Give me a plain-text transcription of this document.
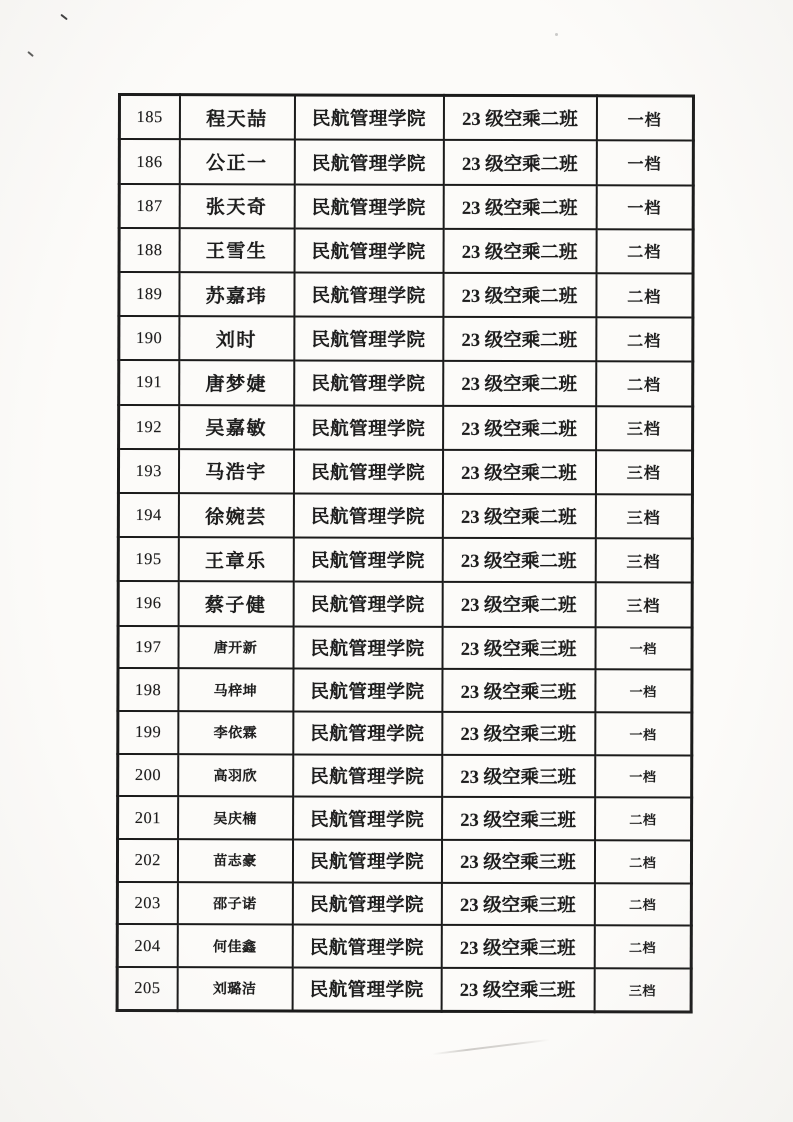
185	程天喆	民航管理学院	23 级空乘二班	一档
186	公正一	民航管理学院	23 级空乘二班	一档
187	张天奇	民航管理学院	23 级空乘二班	一档
188	王雪生	民航管理学院	23 级空乘二班	二档
189	苏嘉玮	民航管理学院	23 级空乘二班	二档
190	刘时	民航管理学院	23 级空乘二班	二档
191	唐梦婕	民航管理学院	23 级空乘二班	二档
192	吴嘉敏	民航管理学院	23 级空乘二班	三档
193	马浩宇	民航管理学院	23 级空乘二班	三档
194	徐婉芸	民航管理学院	23 级空乘二班	三档
195	王章乐	民航管理学院	23 级空乘二班	三档
196	蔡子健	民航管理学院	23 级空乘二班	三档
197	唐开新	民航管理学院	23 级空乘三班	一档
198	马梓坤	民航管理学院	23 级空乘三班	一档
199	李依霖	民航管理学院	23 级空乘三班	一档
200	高羽欣	民航管理学院	23 级空乘三班	一档
201	吴庆楠	民航管理学院	23 级空乘三班	二档
202	苗志豪	民航管理学院	23 级空乘三班	二档
203	邵子诺	民航管理学院	23 级空乘三班	二档
204	何佳鑫	民航管理学院	23 级空乘三班	二档
205	刘璐洁	民航管理学院	23 级空乘三班	三档
